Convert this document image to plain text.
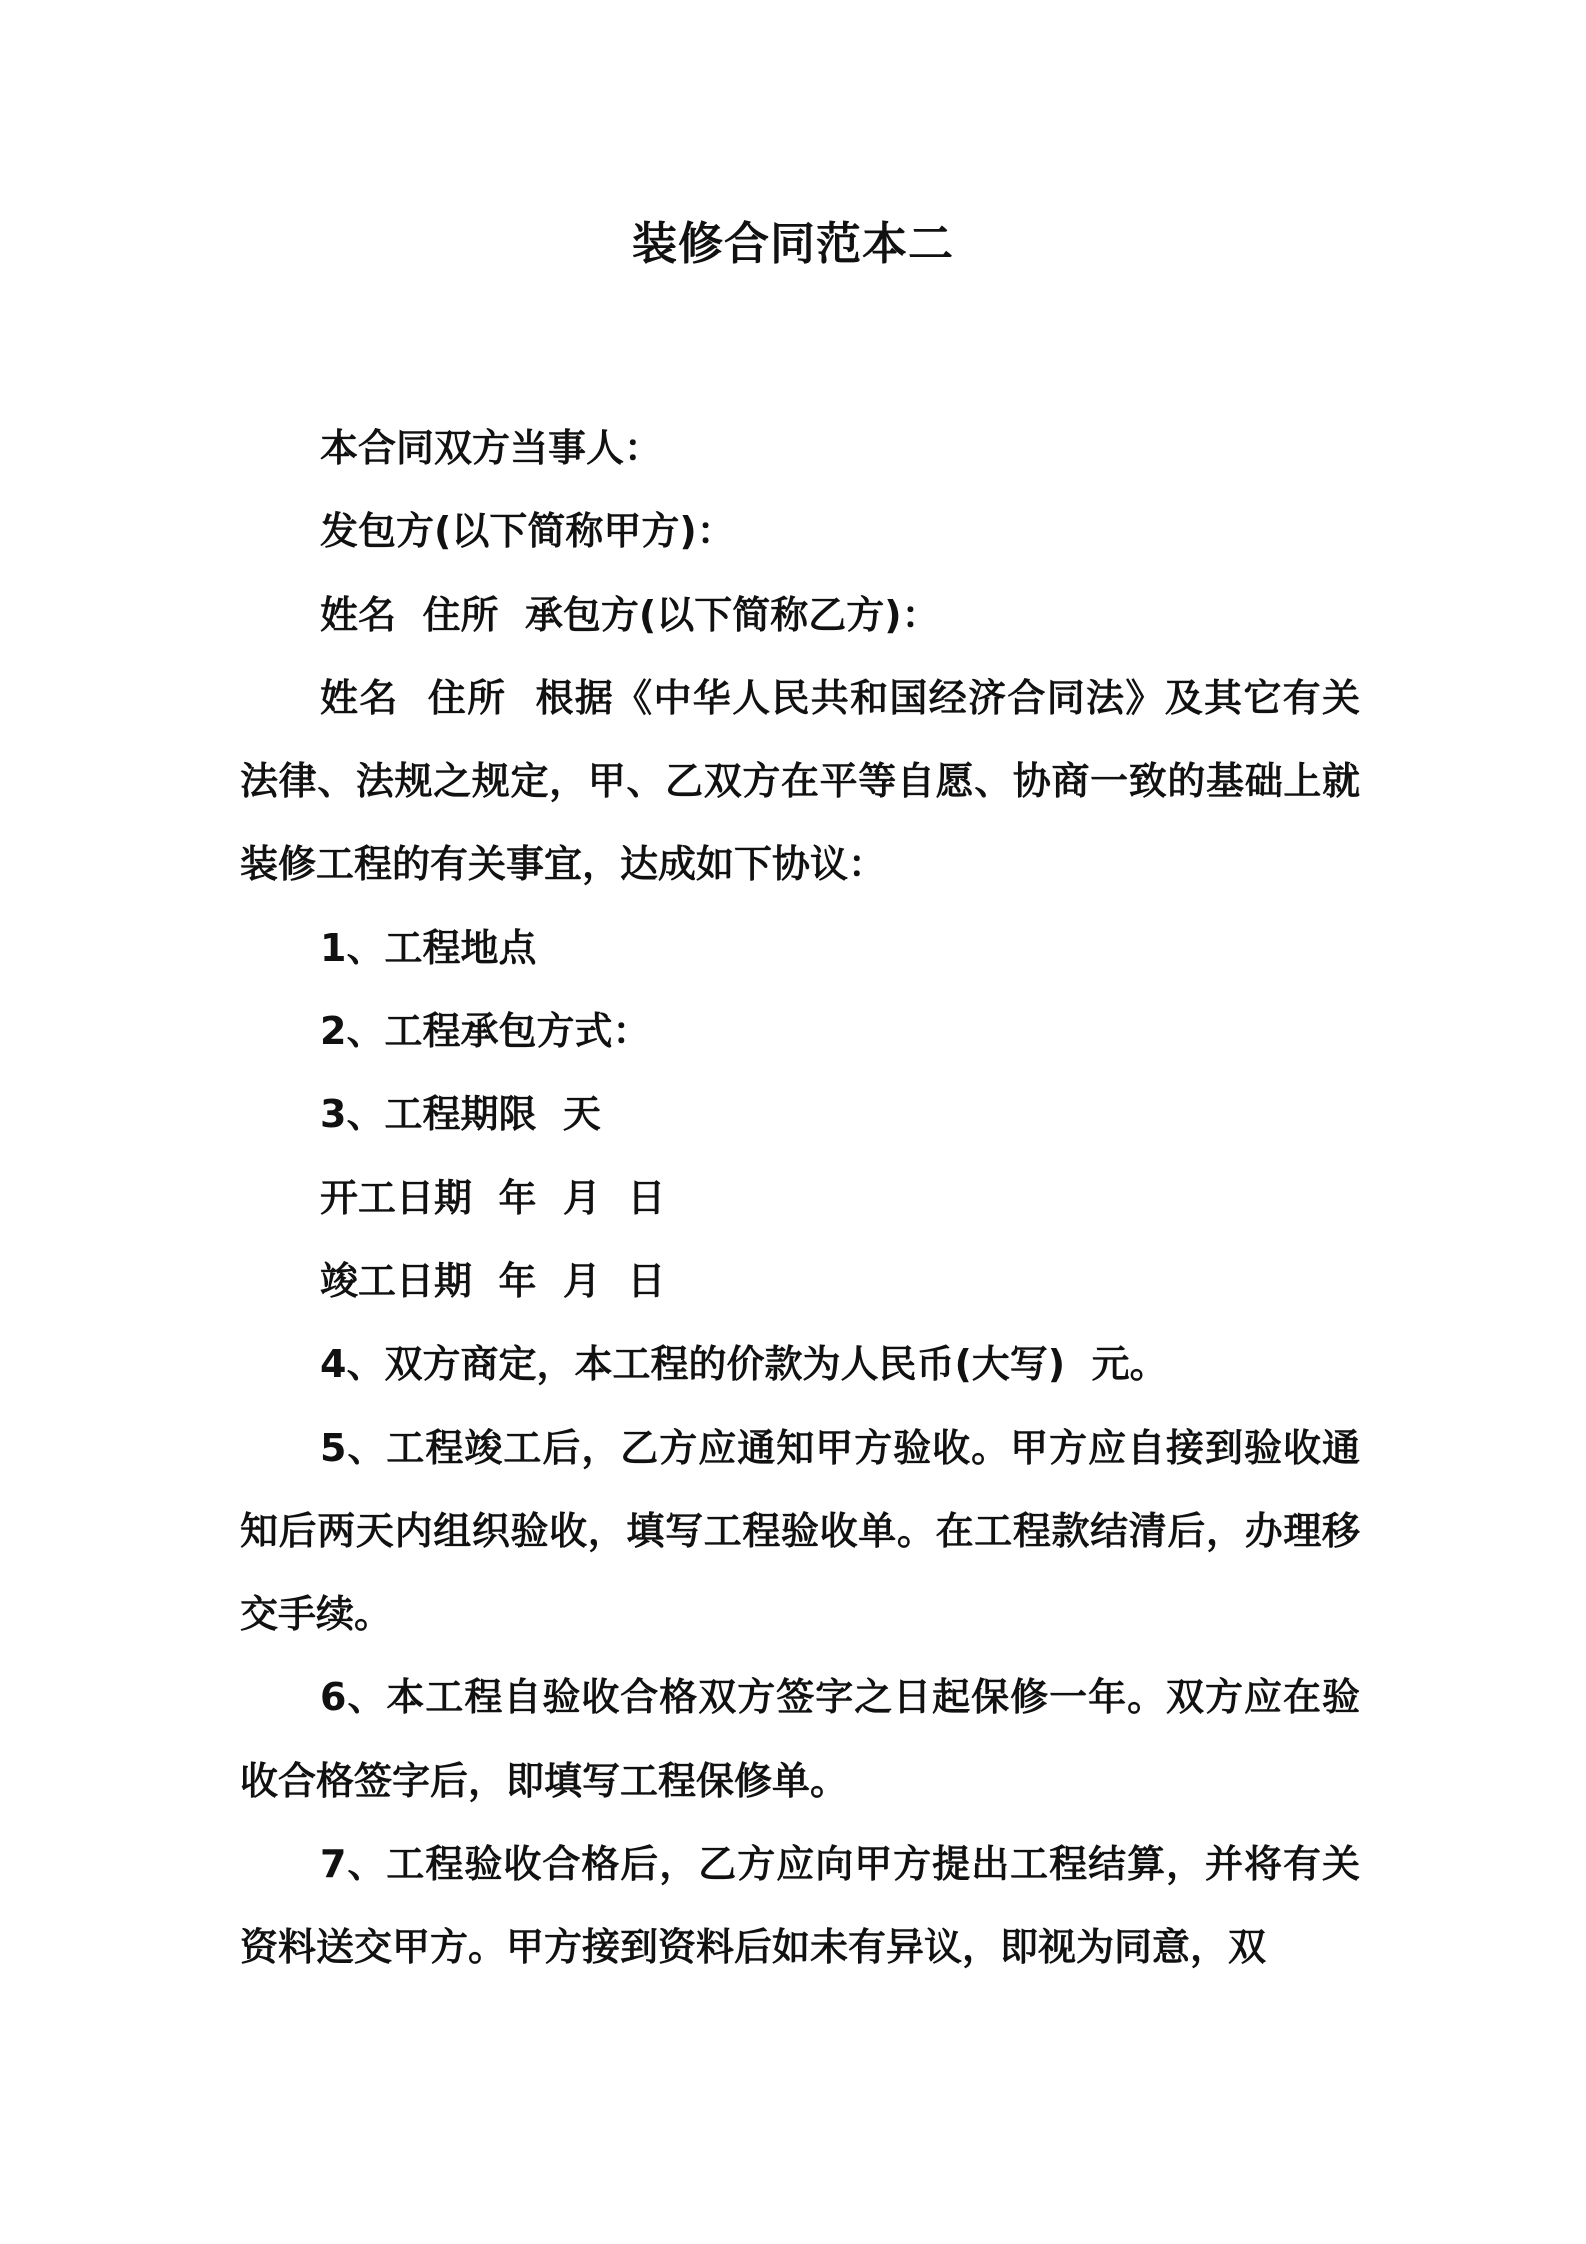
装修合同范本二

本合同双方当事人：

发包方(以下简称甲方)：

姓名  住所  承包方(以下简称乙方)：

姓名  住所  根据《中华人民共和国经济合同法》及其它有关法律、法规之规定，甲、乙双方在平等自愿、协商一致的基础上就装修工程的有关事宜，达成如下协议：

1、工程地点

2、工程承包方式：

3、工程期限  天

开工日期  年  月  日

竣工日期  年  月  日

4、双方商定，本工程的价款为人民币(大写)  元。

5、工程竣工后，乙方应通知甲方验收。甲方应自接到验收通知后两天内组织验收，填写工程验收单。在工程款结清后，办理移交手续。

6、本工程自验收合格双方签字之日起保修一年。双方应在验收合格签字后，即填写工程保修单。

7、工程验收合格后，乙方应向甲方提出工程结算，并将有关资料送交甲方。甲方接到资料后如未有异议，即视为同意，双
